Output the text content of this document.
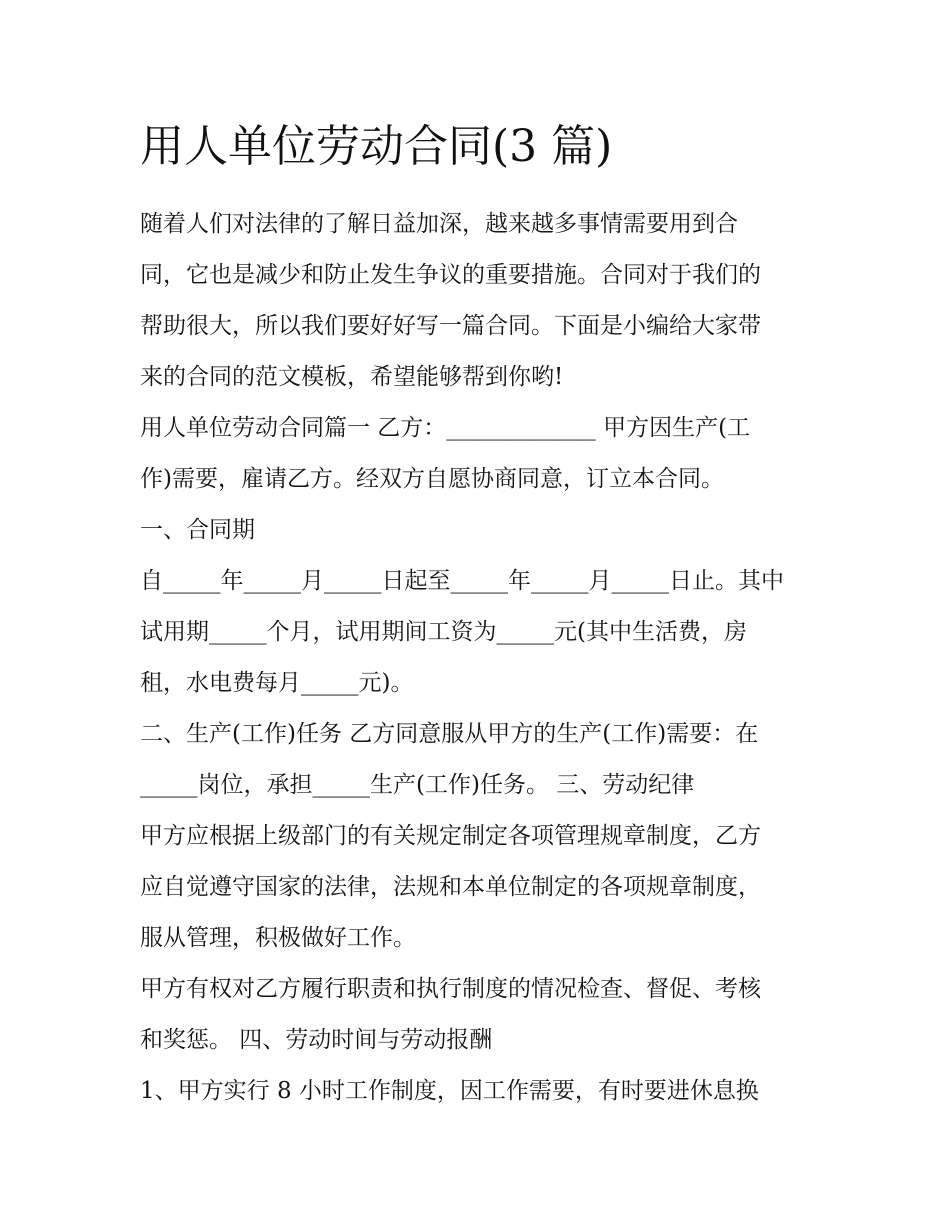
用人单位劳动合同(3 篇)
随着人们对法律的了解日益加深，越来越多事情需要用到合
同，它也是减少和防止发生争议的重要措施。合同对于我们的
帮助很大，所以我们要好好写一篇合同。下面是小编给大家带
来的合同的范文模板，希望能够帮到你哟!
用人单位劳动合同篇一 乙方：_____________ 甲方因生产(工
作)需要，雇请乙方。经双方自愿协商同意，订立本合同。
一、合同期
自_____年_____月_____日起至_____年_____月_____日止。其中
试用期_____个月，试用期间工资为_____元(其中生活费，房
租，水电费每月_____元)。
二、生产(工作)任务 乙方同意服从甲方的生产(工作)需要：在
_____岗位，承担_____生产(工作)任务。 三、劳动纪律
甲方应根据上级部门的有关规定制定各项管理规章制度，乙方
应自觉遵守国家的法律，法规和本单位制定的各项规章制度，
服从管理，积极做好工作。
甲方有权对乙方履行职责和执行制度的情况检查、督促、考核
和奖惩。 四、劳动时间与劳动报酬
1、甲方实行 8 小时工作制度，因工作需要，有时要进休息换
